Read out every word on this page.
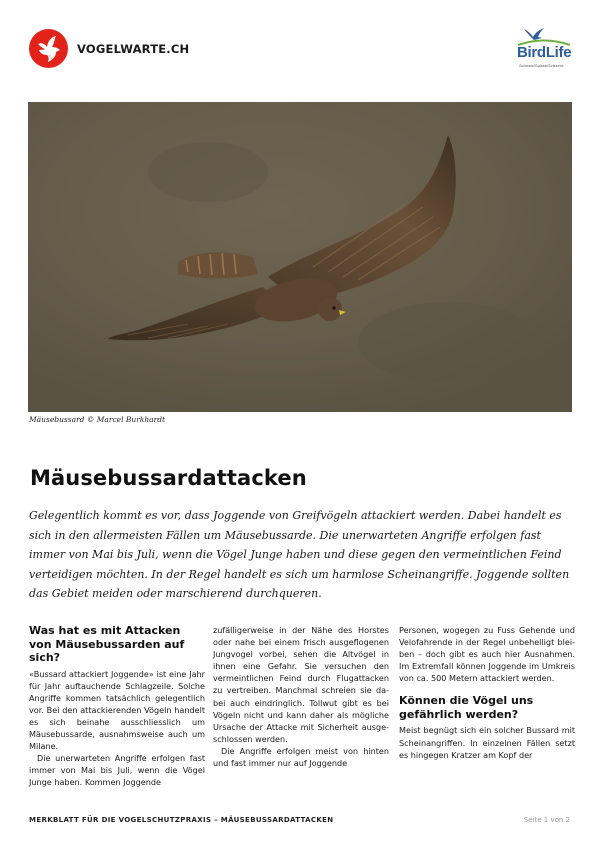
VOGELWARTE.CH	BirdLife
Schweiz/Suisse/Svizzera
Mäusebussard © Marcel Burkhardt
Mäusebussardattacken

Gelegentlich kommt es vor, dass Joggende von Greifvögeln attackiert werden. Dabei handelt es sich in den allermeisten Fällen um Mäusebussarde. Die unerwarteten Angriffe erfolgen fast immer von Mai bis Juli, wenn die Vögel Junge haben und diese gegen den vermeintlichen Feind verteidigen möchten. In der Regel handelt es sich um harmlose Scheinangriffe. Joggende sollten das Gebiet meiden oder marschierend durchqueren.

Was hat es mit Attacken von Mäusebussarden auf sich?

«Bussard attackiert Joggende» ist eine Jahr für Jahr auftauchende Schlagzeile. Solche Angriffe kommen tatsächlich gelegentlich vor. Bei den attackierenden Vögeln handelt es sich beinahe ausschliesslich um Mäusebussarde, ausnahmsweise auch um Milane.

Die unerwarteten Angriffe erfolgen fast immer von Mai bis Juli, wenn die Vögel Junge haben. Kommen Joggende

zufälligerweise in der Nähe des Horstes oder nahe bei einem frisch ausgeflogenen Jungvogel vorbei, sehen die Altvögel in ihnen eine Gefahr. Sie versuchen den vermeintlichen Feind durch Flugattacken zu vertreiben. Manchmal schreien sie dabei auch eindringlich. Tollwut gibt es bei Vögeln nicht und kann daher als mögliche Ursache der Attacke mit Sicherheit ausgeschlossen werden.

Die Angriffe erfolgen meist von hinten und fast immer nur auf Joggende

Personen, wogegen zu Fuss Gehende und Velofahrende in der Regel unbehelligt bleiben – doch gibt es auch hier Ausnahmen. Im Extremfall können Joggende im Umkreis von ca. 500 Metern attackiert werden.

Können die Vögel uns gefährlich werden?

Meist begnügt sich ein solcher Bussard mit Scheinangriffen. In einzelnen Fällen setzt es hingegen Kratzer am Kopf der

MERKBLATT FÜR DIE VOGELSCHUTZPRAXIS – MÄUSEBUSSARDATTACKEN	Seite 1 von 2
